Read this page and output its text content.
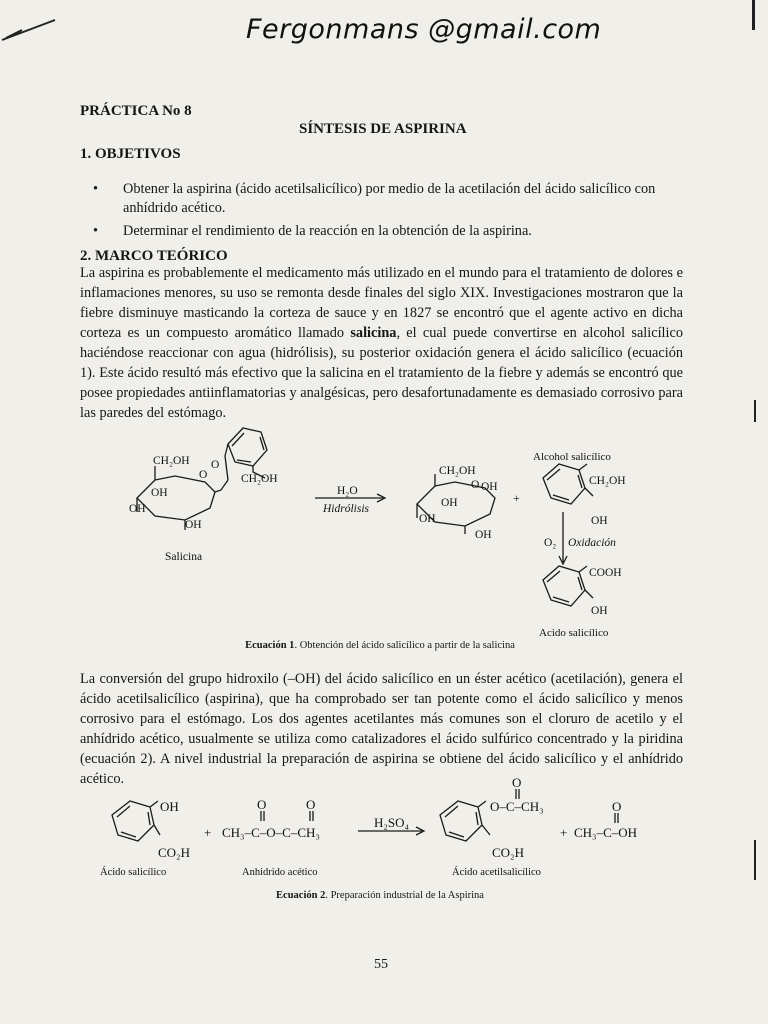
Fergonmans @gmail.com
PRÁCTICA No 8
SÍNTESIS DE ASPIRINA
1. OBJETIVOS
• Obtener la aspirina (ácido acetilsalicílico) por medio de la acetilación del ácido salicílico con anhídrido acético.
• Determinar el rendimiento de la reacción en la obtención de la aspirina.
2. MARCO TEÓRICO
La aspirina es probablemente el medicamento más utilizado en el mundo para el tratamiento de dolores e inflamaciones menores, su uso se remonta desde finales del siglo XIX. Investigaciones mostraron que la fiebre disminuye masticando la corteza de sauce y en 1827 se encontró que el agente activo en dicha corteza es un compuesto aromático llamado salicina, el cual puede convertirse en alcohol salicílico haciéndose reaccionar con agua (hidrólisis), su posterior oxidación genera el ácido salicílico (ecuación 1). Este ácido resultó más efectivo que la salicina en el tratamiento de la fiebre y además se encontró que posee propiedades antiinflamatorias y analgésicas, pero desafortunadamente es demasiado corrosivo para las paredes del estómago.
CH₂OH
O
OH
OH
OH
O
CH₂OH
Salicina
H₂O
Hidrólisis
CH₂OH
O OH
OH
OH
OH
+
Alcohol salicílico
CH₂OH
OH
O₂ Oxidación
COOH
OH
Acido salicílico
Ecuación 1. Obtención del ácido salicílico a partir de la salicina
La conversión del grupo hidroxilo (–OH) del ácido salicílico en un éster acético (acetilación), genera el ácido acetilsalicílico (aspirina), que ha comprobado ser tan potente como el ácido salicílico y menos corrosivo para el estómago. Los dos agentes acetilantes más comunes son el cloruro de acetilo y el anhídrido acético, usualmente se utiliza como catalizadores el ácido sulfúrico concentrado y la piridina (ecuación 2). A nivel industrial la preparación de aspirina se obtiene del ácido salicílico y el anhídrido acético.
OH
CO₂H
+
O	O
CH₃–C–O–C–CH₃
H₂SO₄
O
O–C–CH₃
CO₂H
+
O
CH₃–C–OH
Ácido salicílico	Anhidrido acético	Ácido acetilsalicílico
Ecuación 2. Preparación industrial de la Aspirina
55
